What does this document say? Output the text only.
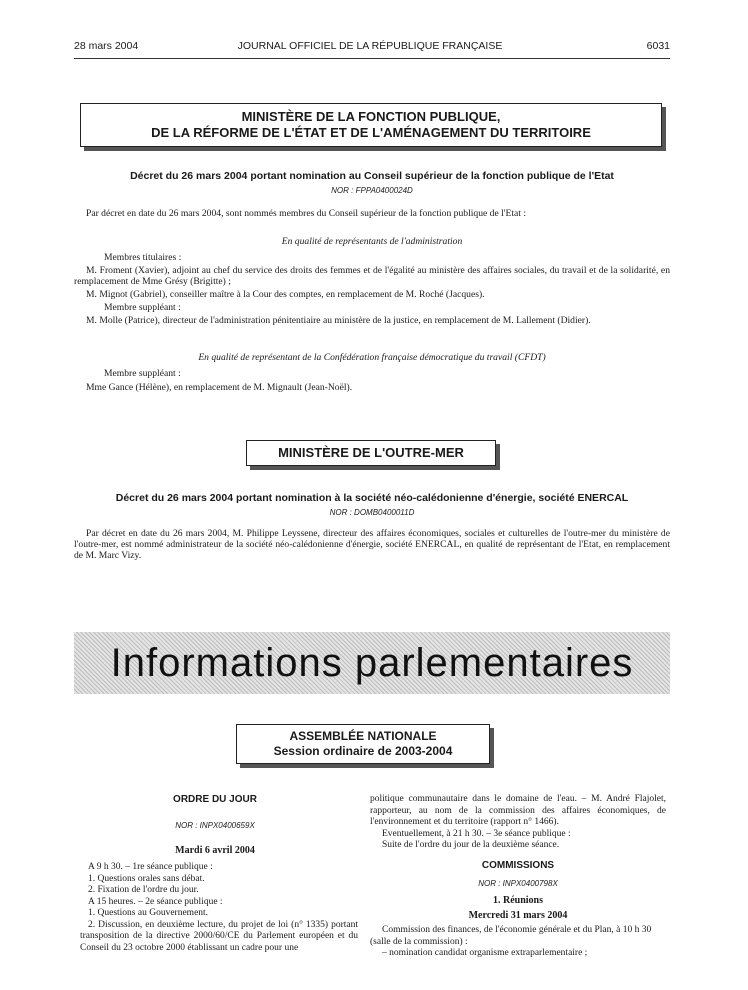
28 mars 2004	JOURNAL OFFICIEL DE LA RÉPUBLIQUE FRANÇAISE	6031
MINISTÈRE DE LA FONCTION PUBLIQUE,
DE LA RÉFORME DE L'ÉTAT ET DE L'AMÉNAGEMENT DU TERRITOIRE
Décret du 26 mars 2004 portant nomination au Conseil supérieur de la fonction publique de l'Etat
NOR : FPPA0400024D
Par décret en date du 26 mars 2004, sont nommés membres du Conseil supérieur de la fonction publique de l'Etat :
En qualité de représentants de l'administration
Membres titulaires :
M. Froment (Xavier), adjoint au chef du service des droits des femmes et de l'égalité au ministère des affaires sociales, du travail et de la solidarité, en remplacement de Mme Grésy (Brigitte) ;
M. Mignot (Gabriel), conseiller maître à la Cour des comptes, en remplacement de M. Roché (Jacques).
Membre suppléant :
M. Molle (Patrice), directeur de l'administration pénitentiaire au ministère de la justice, en remplacement de M. Lallement (Didier).
En qualité de représentant de la Confédération française démocratique du travail (CFDT)
Membre suppléant :
Mme Gance (Hélène), en remplacement de M. Mignault (Jean-Noël).
MINISTÈRE DE L'OUTRE-MER
Décret du 26 mars 2004 portant nomination à la société néo-calédonienne d'énergie, société ENERCAL
NOR : DOMB0400011D
Par décret en date du 26 mars 2004, M. Philippe Leyssene, directeur des affaires économiques, sociales et culturelles de l'outre-mer du ministère de l'outre-mer, est nommé administrateur de la société néo-calédonienne d'énergie, société ENERCAL, en qualité de représentant de l'Etat, en remplacement de M. Marc Vizy.
Informations parlementaires
ASSEMBLÉE NATIONALE
Session ordinaire de 2003-2004
ORDRE DU JOUR
NOR : INPX0400659X
Mardi 6 avril 2004
A 9 h 30. – 1re séance publique :
1. Questions orales sans débat.
2. Fixation de l'ordre du jour.
A 15 heures. – 2e séance publique :
1. Questions au Gouvernement.
2. Discussion, en deuxième lecture, du projet de loi (n° 1335) portant transposition de la directive 2000/60/CE du Parlement européen et du Conseil du 23 octobre 2000 établissant un cadre pour une
politique communautaire dans le domaine de l'eau. – M. André Flajolet, rapporteur, au nom de la commission des affaires économiques, de l'environnement et du territoire (rapport n° 1466).
Eventuellement, à 21 h 30. – 3e séance publique :
Suite de l'ordre du jour de la deuxième séance.
COMMISSIONS
NOR : INPX0400798X
1. Réunions
Mercredi 31 mars 2004
Commission des finances, de l'économie générale et du Plan, à 10 h 30 (salle de la commission) :
– nomination candidat organisme extraparlementaire ;
